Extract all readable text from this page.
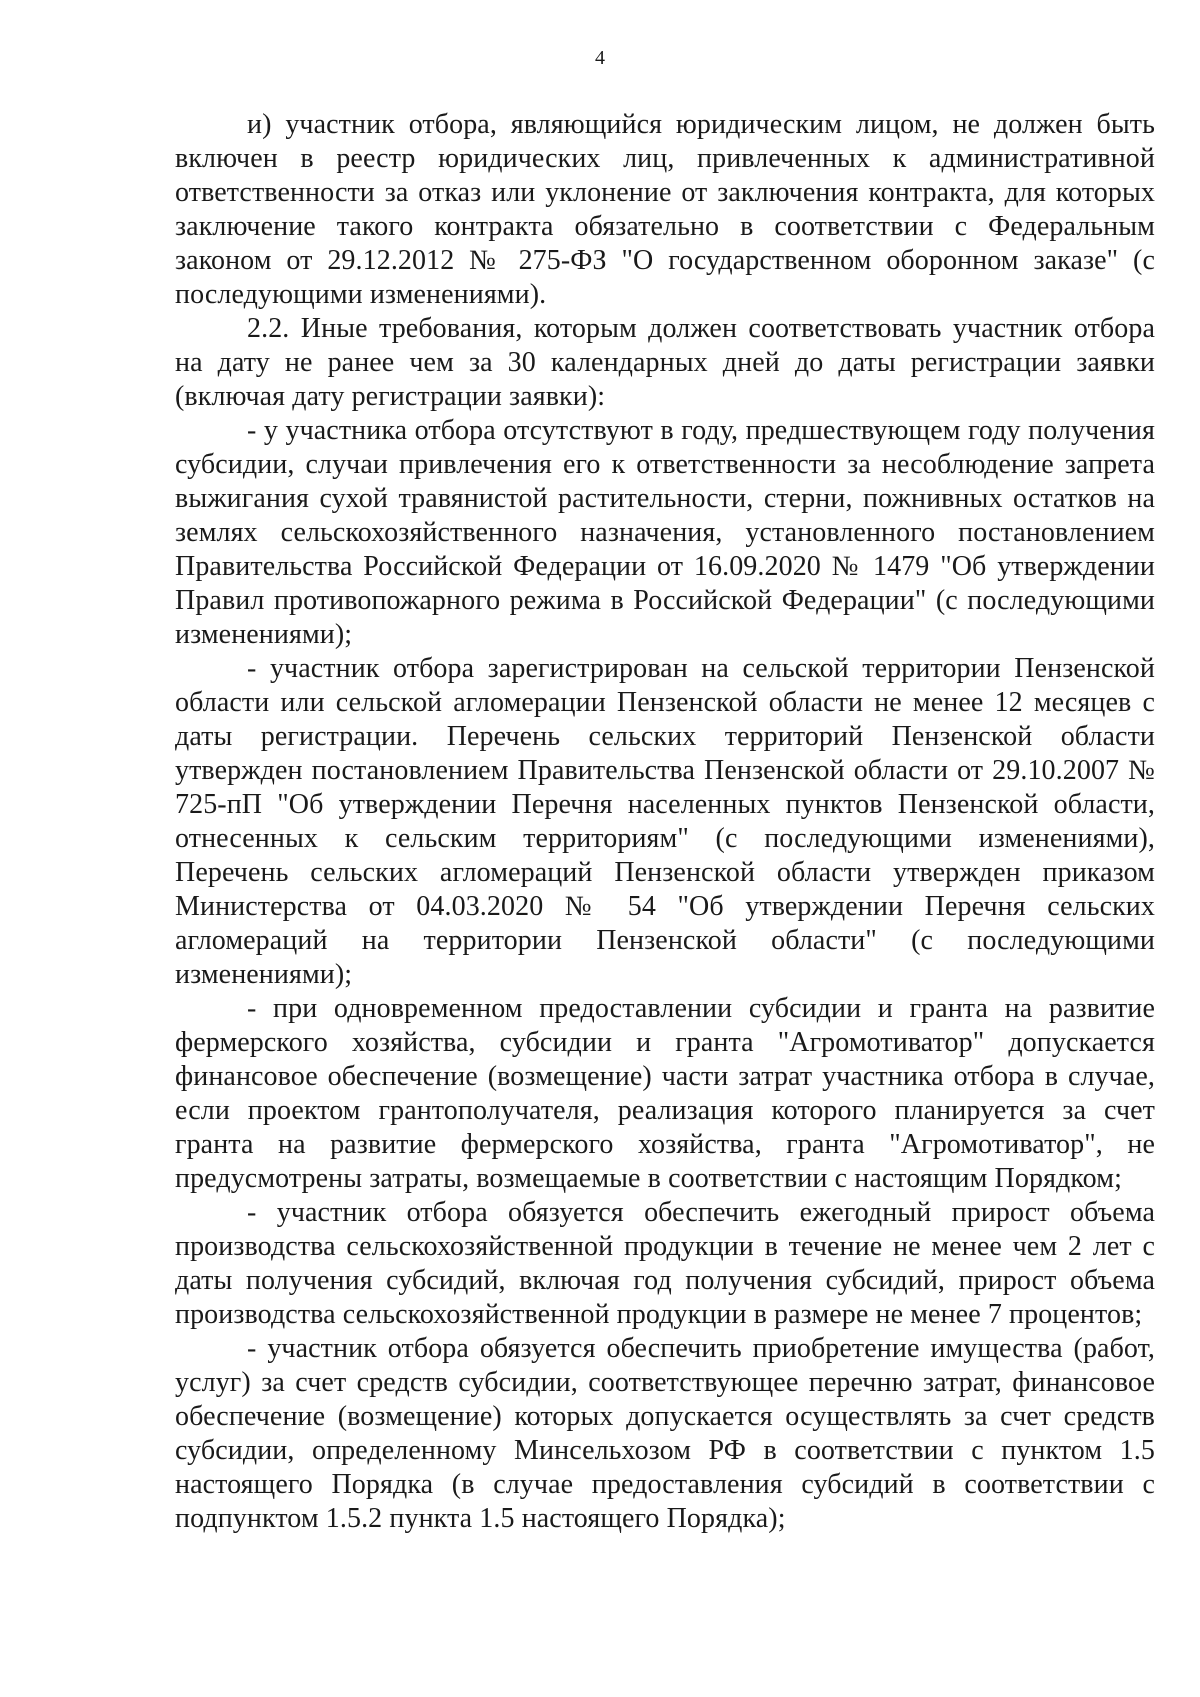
4

и) участник отбора, являющийся юридическим лицом, не должен быть включен в реестр юридических лиц, привлеченных к административной ответственности за отказ или уклонение от заключения контракта, для которых заключение такого контракта обязательно в соответствии с Федеральным законом от 29.12.2012 № 275-ФЗ "О государственном оборонном заказе" (с последующими изменениями).

2.2. Иные требования, которым должен соответствовать участник отбора на дату не ранее чем за 30 календарных дней до даты регистрации заявки (включая дату регистрации заявки):

- у участника отбора отсутствуют в году, предшествующем году получения субсидии, случаи привлечения его к ответственности за несоблюдение запрета выжигания сухой травянистой растительности, стерни, пожнивных остатков на землях сельскохозяйственного назначения, установленного постановлением Правительства Российской Федерации от 16.09.2020 № 1479 "Об утверждении Правил противопожарного режима в Российской Федерации" (с последующими изменениями);

- участник отбора зарегистрирован на сельской территории Пензенской области или сельской агломерации Пензенской области не менее 12 месяцев с даты регистрации. Перечень сельских территорий Пензенской области утвержден постановлением Правительства Пензенской области от 29.10.2007 № 725-пП "Об утверждении Перечня населенных пунктов Пензенской области, отнесенных к сельским территориям" (с последующими изменениями), Перечень сельских агломераций Пензенской области утвержден приказом Министерства от 04.03.2020 № 54 "Об утверждении Перечня сельских агломераций на территории Пензенской области" (с последующими изменениями);

- при одновременном предоставлении субсидии и гранта на развитие фермерского хозяйства, субсидии и гранта "Агромотиватор" допускается финансовое обеспечение (возмещение) части затрат участника отбора в случае, если проектом грантополучателя, реализация которого планируется за счет гранта на развитие фермерского хозяйства, гранта "Агромотиватор", не предусмотрены затраты, возмещаемые в соответствии с настоящим Порядком;

- участник отбора обязуется обеспечить ежегодный прирост объема производства сельскохозяйственной продукции в течение не менее чем 2 лет с даты получения субсидий, включая год получения субсидий, прирост объема производства сельскохозяйственной продукции в размере не менее 7 процентов;

- участник отбора обязуется обеспечить приобретение имущества (работ, услуг) за счет средств субсидии, соответствующее перечню затрат, финансовое обеспечение (возмещение) которых допускается осуществлять за счет средств субсидии, определенному Минсельхозом РФ в соответствии с пунктом 1.5 настоящего Порядка (в случае предоставления субсидий в соответствии с подпунктом 1.5.2 пункта 1.5 настоящего Порядка);
